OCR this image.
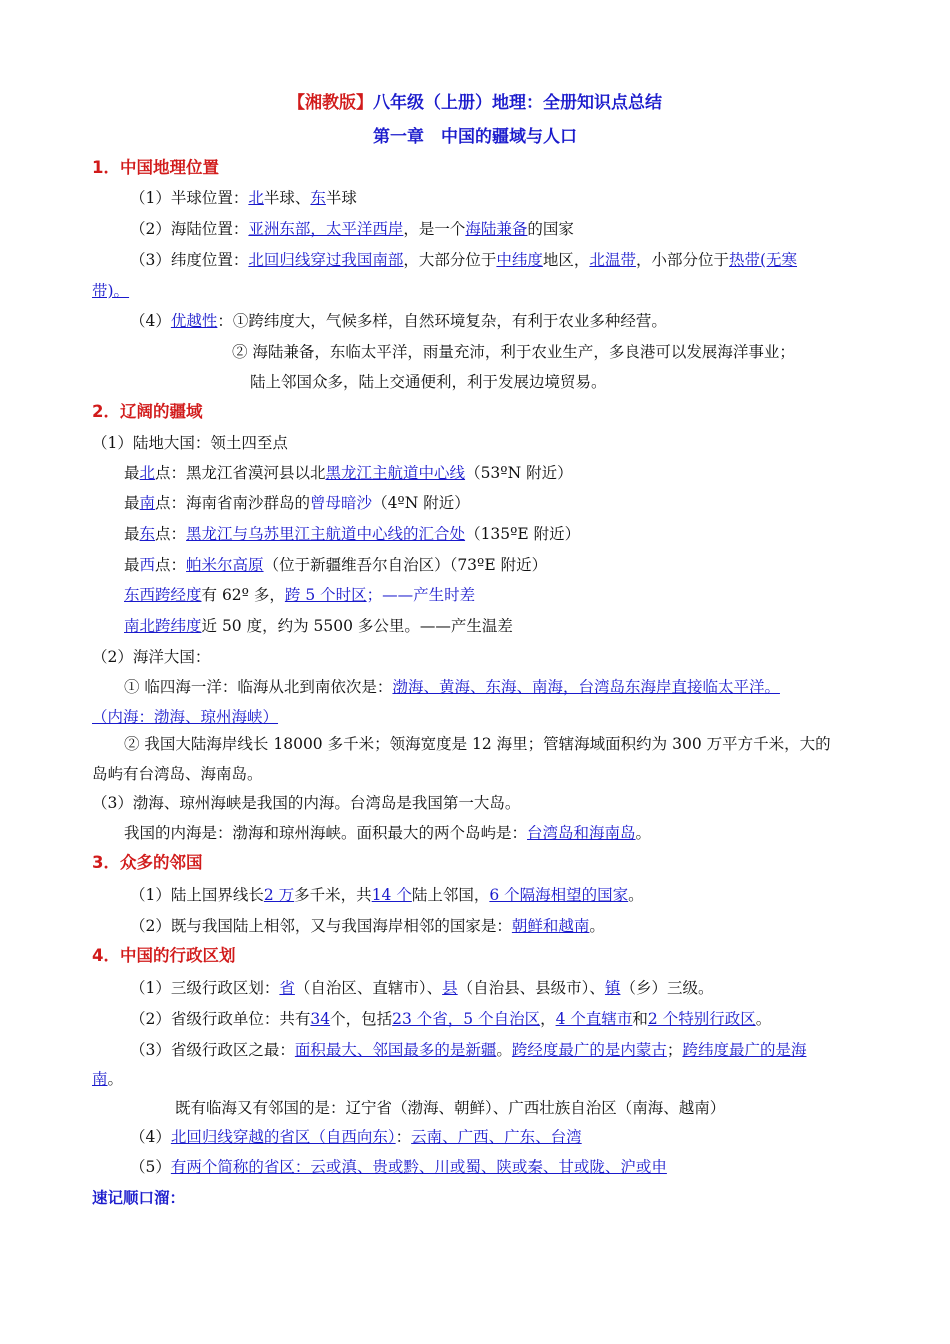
【湘教版】八年级（上册）地理：全册知识点总结
第一章　中国的疆域与人口
1．中国地理位置
（1）半球位置：北半球、东半球
（2）海陆位置：亚洲东部，太平洋西岸，是一个海陆兼备的国家
（3）纬度位置：北回归线穿过我国南部，大部分位于中纬度地区，北温带，小部分位于热带(无寒
带)。
（4）优越性：①跨纬度大，气候多样，自然环境复杂，有利于农业多种经营。
② 海陆兼备，东临太平洋，雨量充沛，利于农业生产，多良港可以发展海洋事业；
陆上邻国众多，陆上交通便利，利于发展边境贸易。
2．辽阔的疆域
（1）陆地大国：领土四至点
最北点：黑龙江省漠河县以北黑龙江主航道中心线（53ºN 附近）
最南点：海南省南沙群岛的曾母暗沙（4ºN 附近）
最东点：黑龙江与乌苏里江主航道中心线的汇合处（135ºE 附近）
最西点：帕米尔高原（位于新疆维吾尔自治区）（73ºE 附近）
东西跨经度有 62º 多，跨 5 个时区；——产生时差
南北跨纬度近 50 度，约为 5500 多公里。——产生温差
（2）海洋大国：
① 临四海一洋：临海从北到南依次是：渤海、黄海、东海、南海，台湾岛东海岸直接临太平洋。
（内海：渤海、琼州海峡）
② 我国大陆海岸线长 18000 多千米；领海宽度是 12 海里；管辖海域面积约为 300 万平方千米，大的
岛屿有台湾岛、海南岛。
（3）渤海、琼州海峡是我国的内海。台湾岛是我国第一大岛。
我国的内海是：渤海和琼州海峡。面积最大的两个岛屿是：台湾岛和海南岛。
3．众多的邻国
（1）陆上国界线长2 万多千米，共14 个陆上邻国，6 个隔海相望的国家。
（2）既与我国陆上相邻，又与我国海岸相邻的国家是：朝鲜和越南。
4．中国的行政区划
（1）三级行政区划：省（自治区、直辖市）、县（自治县、县级市）、镇（乡）三级。
（2）省级行政单位：共有34个，包括23 个省，5 个自治区，4 个直辖市和2 个特别行政区。
（3）省级行政区之最：面积最大、邻国最多的是新疆。跨经度最广的是内蒙古；跨纬度最广的是海
南。
既有临海又有邻国的是：辽宁省（渤海、朝鲜）、广西壮族自治区（南海、越南）
（4）北回归线穿越的省区（自西向东）：云南、广西、广东、台湾
（5）有两个简称的省区：云或滇、贵或黔、川或蜀、陕或秦、甘或陇、沪或申
速记顺口溜：
